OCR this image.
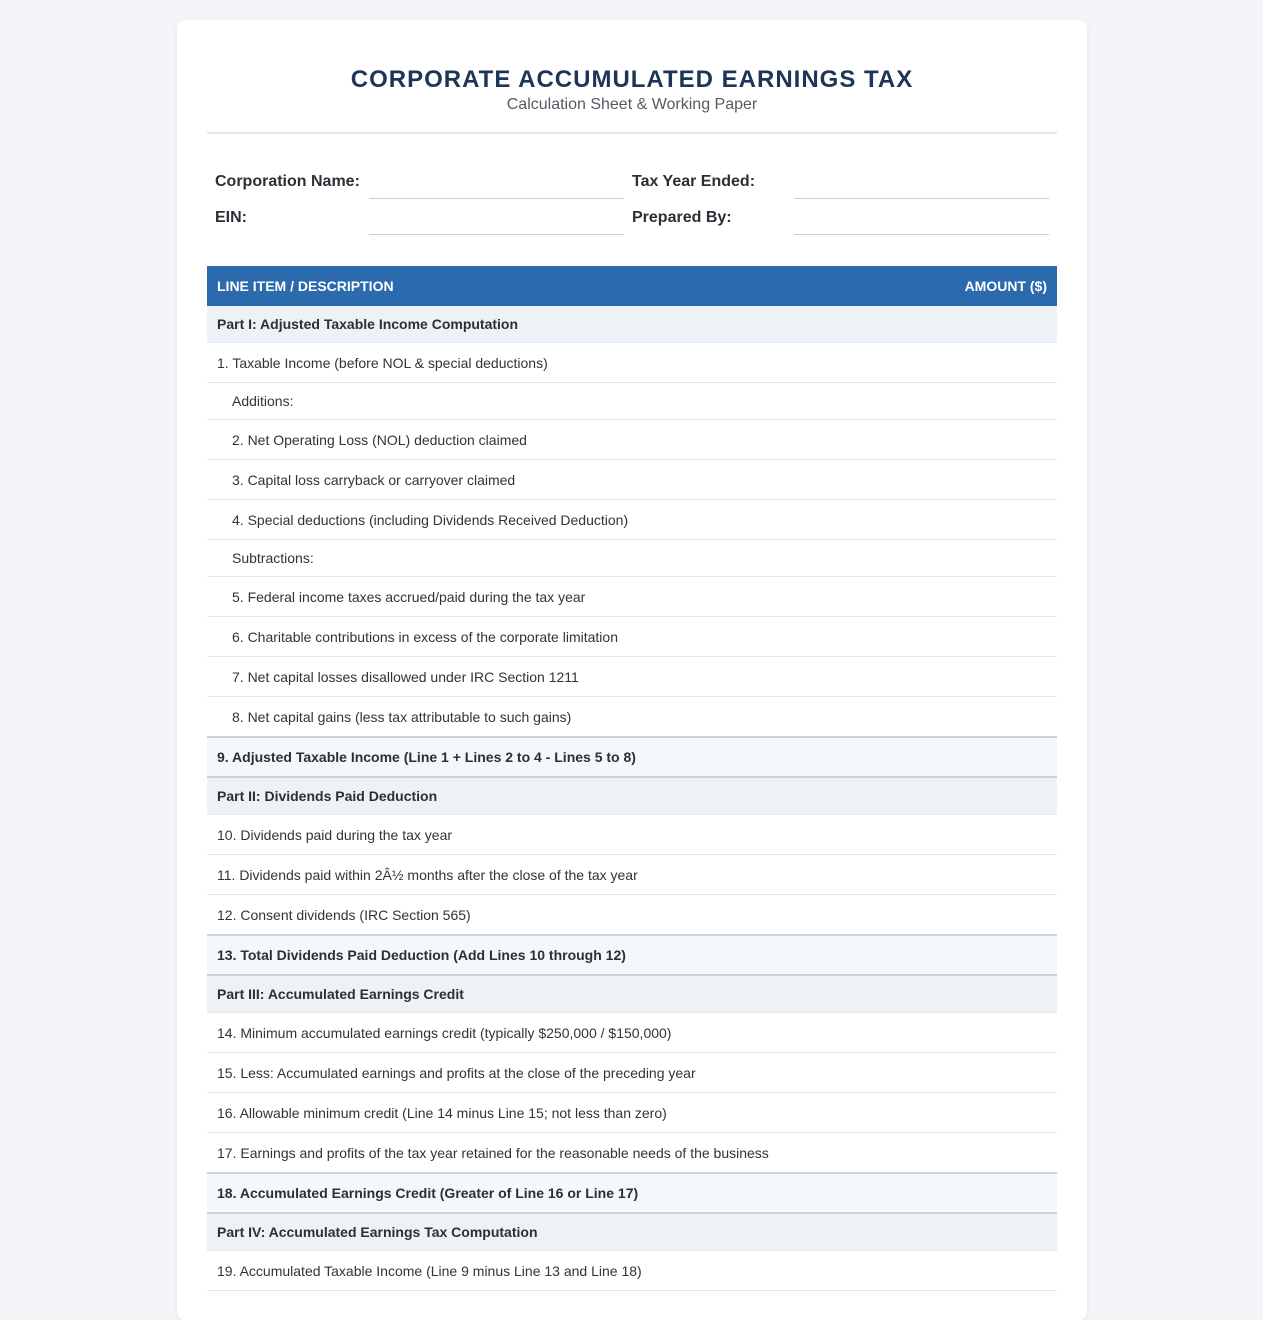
CORPORATE ACCUMULATED EARNINGS TAX
Calculation Sheet & Working Paper
Corporation Name:	Tax Year Ended:
EIN:	Prepared By:
LINE ITEM / DESCRIPTION	AMOUNT ($)
Part I: Adjusted Taxable Income Computation	
1. Taxable Income (before NOL & special deductions)	
Additions:	
2. Net Operating Loss (NOL) deduction claimed	
3. Capital loss carryback or carryover claimed	
4. Special deductions (including Dividends Received Deduction)	
Subtractions:	
5. Federal income taxes accrued/paid during the tax year	
6. Charitable contributions in excess of the corporate limitation	
7. Net capital losses disallowed under IRC Section 1211	
8. Net capital gains (less tax attributable to such gains)	
9. Adjusted Taxable Income (Line 1 + Lines 2 to 4 - Lines 5 to 8)	
Part II: Dividends Paid Deduction	
10. Dividends paid during the tax year	
11. Dividends paid within 2Â½ months after the close of the tax year	
12. Consent dividends (IRC Section 565)	
13. Total Dividends Paid Deduction (Add Lines 10 through 12)	
Part III: Accumulated Earnings Credit	
14. Minimum accumulated earnings credit (typically $250,000 / $150,000)	
15. Less: Accumulated earnings and profits at the close of the preceding year	
16. Allowable minimum credit (Line 14 minus Line 15; not less than zero)	
17. Earnings and profits of the tax year retained for the reasonable needs of the business	
18. Accumulated Earnings Credit (Greater of Line 16 or Line 17)	
Part IV: Accumulated Earnings Tax Computation	
19. Accumulated Taxable Income (Line 9 minus Line 13 and Line 18)	
